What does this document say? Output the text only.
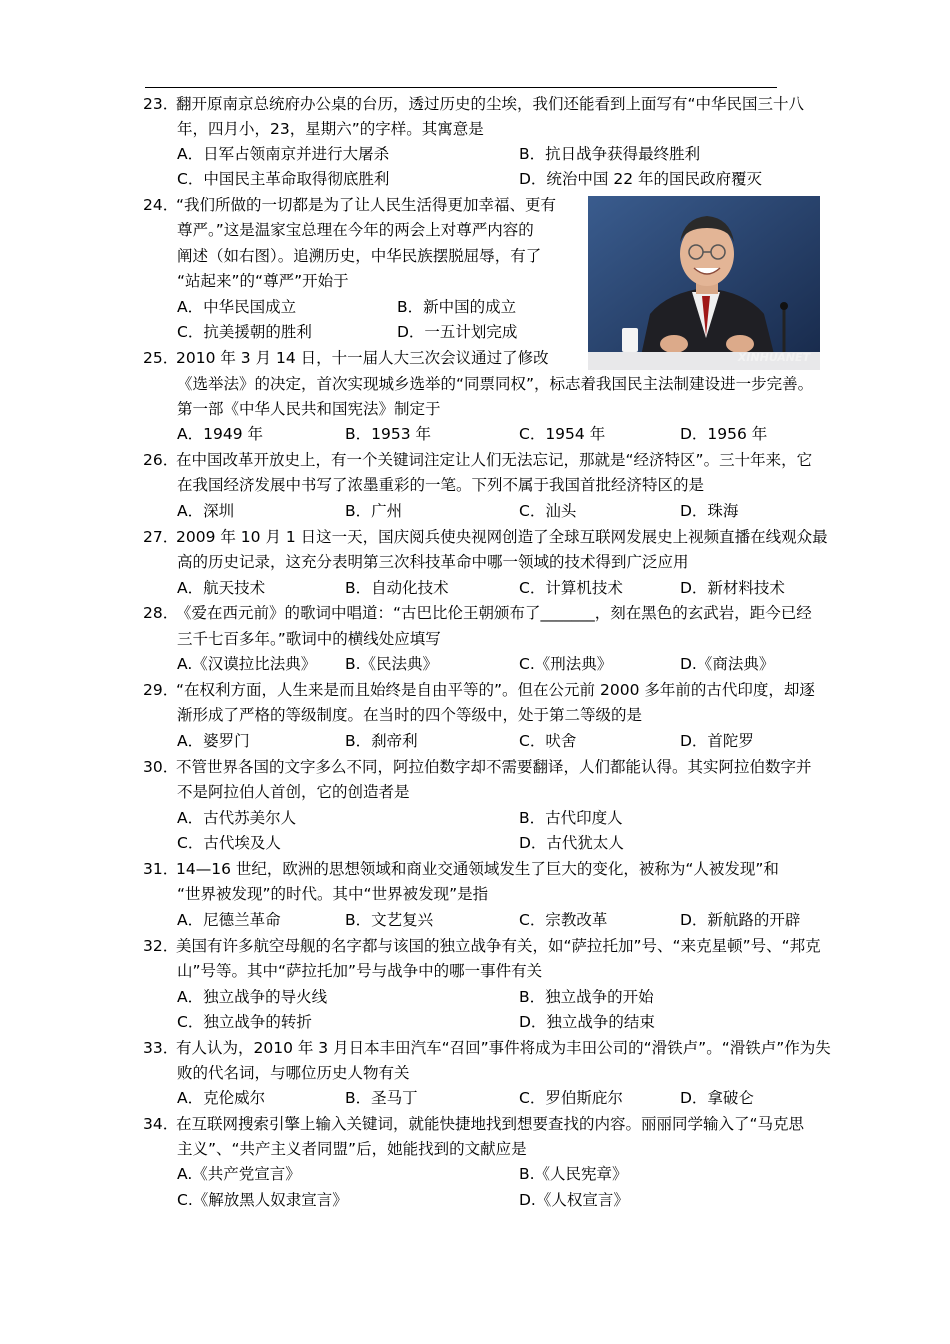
23．
翻开原南京总统府办公桌的台历，透过历史的尘埃，我们还能看到上面写有“中华民国三十八
年，四月小，23，星期六”的字样。其寓意是
A．日军占领南京并进行大屠杀	B．抗日战争获得最终胜利
C．中国民主革命取得彻底胜利	D．统治中国 22 年的国民政府覆灭
24．
“我们所做的一切都是为了让人民生活得更加幸福、更有
尊严。”这是温家宝总理在今年的两会上对尊严内容的
阐述（如右图）。追溯历史，中华民族摆脱屈辱，有了
“站起来”的“尊严”开始于
A．中华民国成立	B．新中国的成立
C．抗美援朝的胜利	D．一五计划完成
25．
2010 年 3 月 14 日，十一届人大三次会议通过了修改
《选举法》的决定，首次实现城乡选举的“同票同权”，标志着我国民主法制建设进一步完善。
第一部《中华人民共和国宪法》制定于
A．1949 年	B．1953 年	C．1954 年	D．1956 年
26．
在中国改革开放史上，有一个关键词注定让人们无法忘记，那就是“经济特区”。三十年来，它
在我国经济发展中书写了浓墨重彩的一笔。下列不属于我国首批经济特区的是
A．深圳	B．广州	C．汕头	D．珠海
27．
2009 年 10 月 1 日这一天，国庆阅兵使央视网创造了全球互联网发展史上视频直播在线观众最
高的历史记录，这充分表明第三次科技革命中哪一领域的技术得到广泛应用
A．航天技术	B．自动化技术	C．计算机技术	D．新材料技术
28．
《爱在西元前》的歌词中唱道：“古巴比伦王朝颁布了_______，刻在黑色的玄武岩，距今已经
三千七百多年。”歌词中的横线处应填写
A.《汉谟拉比法典》 B.《民法典》	C.《刑法典》	D.《商法典》
29．
“在权利方面，人生来是而且始终是自由平等的”。但在公元前 2000 多年前的古代印度，却逐
渐形成了严格的等级制度。在当时的四个等级中，处于第二等级的是
A．婆罗门	B．刹帝利	C．吠舍	D．首陀罗
30．
不管世界各国的文字多么不同，阿拉伯数字却不需要翻译，人们都能认得。其实阿拉伯数字并
不是阿拉伯人首创，它的创造者是
A．古代苏美尔人	B．古代印度人
C．古代埃及人	D．古代犹太人
31．
14—16 世纪，欧洲的思想领域和商业交通领域发生了巨大的变化，被称为“人被发现”和
“世界被发现”的时代。其中“世界被发现”是指
A．尼德兰革命	B．文艺复兴	C．宗教改革	D．新航路的开辟
32．
美国有许多航空母舰的名字都与该国的独立战争有关，如“萨拉托加”号、“来克星顿”号、“邦克
山”号等。其中“萨拉托加”号与战争中的哪一事件有关
A．独立战争的导火线	B．独立战争的开始
C．独立战争的转折	D．独立战争的结束
33．
有人认为，2010 年 3 月日本丰田汽车“召回”事件将成为丰田公司的“滑铁卢”。“滑铁卢”作为失
败的代名词，与哪位历史人物有关
A．克伦威尔	B．圣马丁	C．罗伯斯庇尔	D．拿破仑
34．
在互联网搜索引擎上输入关键词，就能快捷地找到想要查找的内容。丽丽同学输入了“马克思
主义”、“共产主义者同盟”后，她能找到的文献应是
A.《共产党宣言》	B.《人民宪章》
C.《解放黑人奴隶宣言》	D.《人权宣言》
XINHUANET
